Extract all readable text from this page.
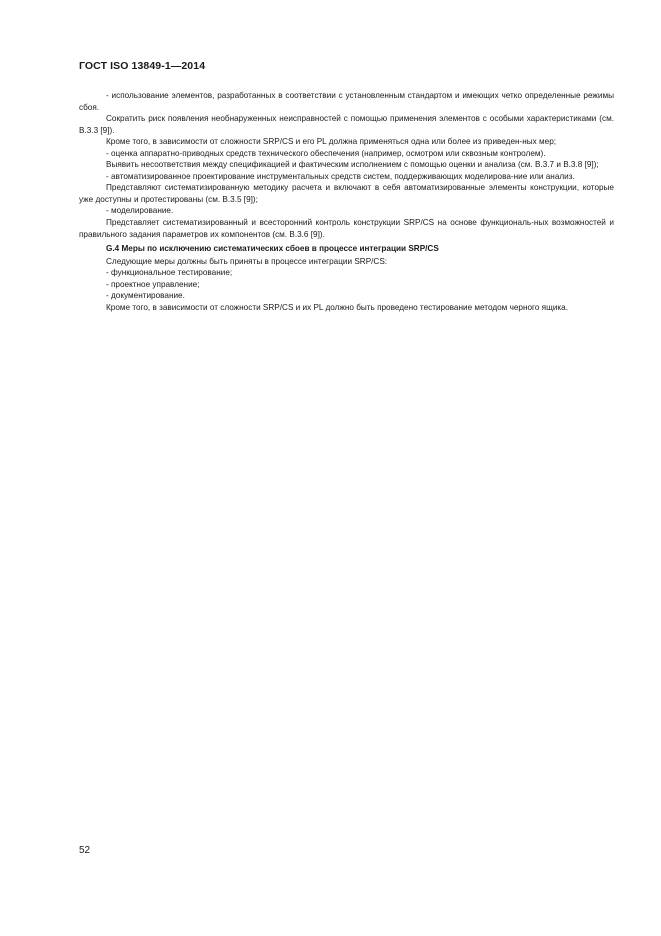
ГОСТ ISO 13849-1—2014

- использование элементов, разработанных в соответствии с установленным стандартом и имеющих четко определенные режимы сбоя.

Сократить риск появления необнаруженных неисправностей с помощью применения элементов с особыми характеристиками (см. В.3.3 [9]).

Кроме того, в зависимости от сложности SRP/CS и его PL должна применяться одна или более из приведен-ных мер;

- оценка аппаратно-приводных средств технического обеспечения (например, осмотром или сквозным контролем).

Выявить несоответствия между спецификацией и фактическим исполнением с помощью оценки и анализа (см. В.3.7 и В.3.8 [9]);

- автоматизированное проектирование инструментальных средств систем, поддерживающих моделирова-ние или анализ.

Представляют систематизированную методику расчета и включают в себя автоматизированные элементы конструкции, которые уже доступны и протестированы (см. В.3.5 [9]);

- моделирование.

Представляет систематизированный и всесторонний контроль конструкции SRP/CS на основе функциональ-ных возможностей и правильного задания параметров их компонентов (см. В.3.6 [9]).

G.4 Меры по исключению систематических сбоев в процессе интеграции SRP/CS

Следующие меры должны быть приняты в процессе интеграции SRP/CS:

- функциональное тестирование;

- проектное управление;

- документирование.

Кроме того, в зависимости от сложности SRP/CS и их PL должно быть проведено тестирование методом черного ящика.

52
